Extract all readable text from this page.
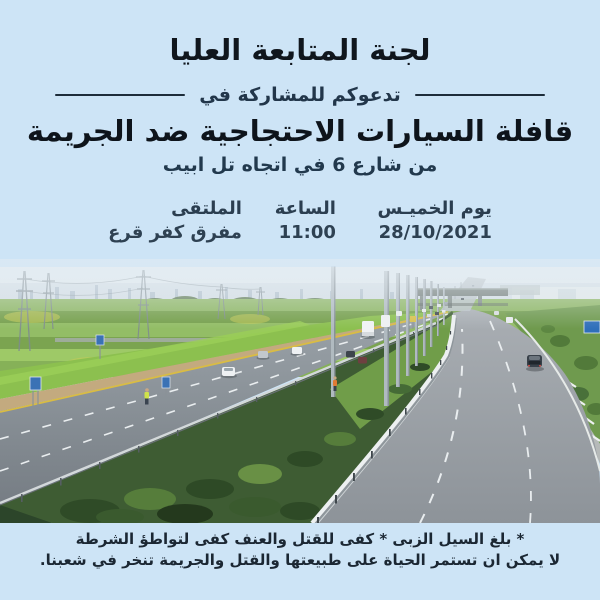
لجنة المتابعة العليا
تدعوكم للمشاركة في
قافلة السيارات الاحتجاجية ضد الجريمة
من شارع 6 في اتجاه تل ابيب
يوم الخميـس
28/10/2021
الساعة
11:00
الملتقى
مفرق كفر قرع
* بلغ السيل الزبى * كفى للقتل والعنف كفى لتواطؤ الشرطة
لا يمكن ان تستمر الحياة على طبيعتها والقتل والجريمة تنخر في شعبنا.
